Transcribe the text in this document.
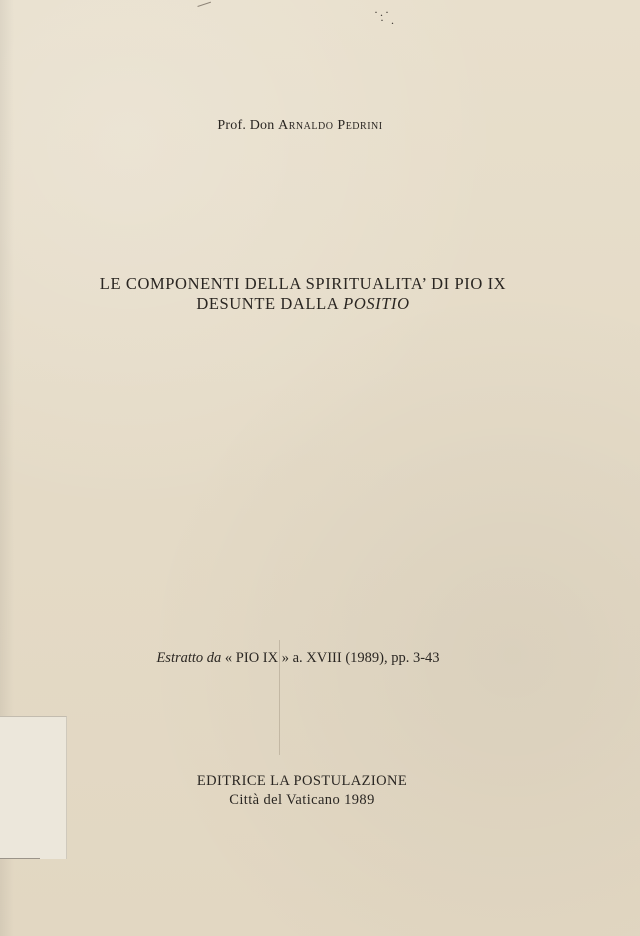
·.·
· .
Prof. Don Arnaldo Pedrini
LE COMPONENTI DELLA SPIRITUALITA’ DI PIO IX
DESUNTE DALLA POSITIO
Estratto da « PIO IX » a. XVIII (1989), pp. 3-43
EDITRICE LA POSTULAZIONE
Città del Vaticano 1989
